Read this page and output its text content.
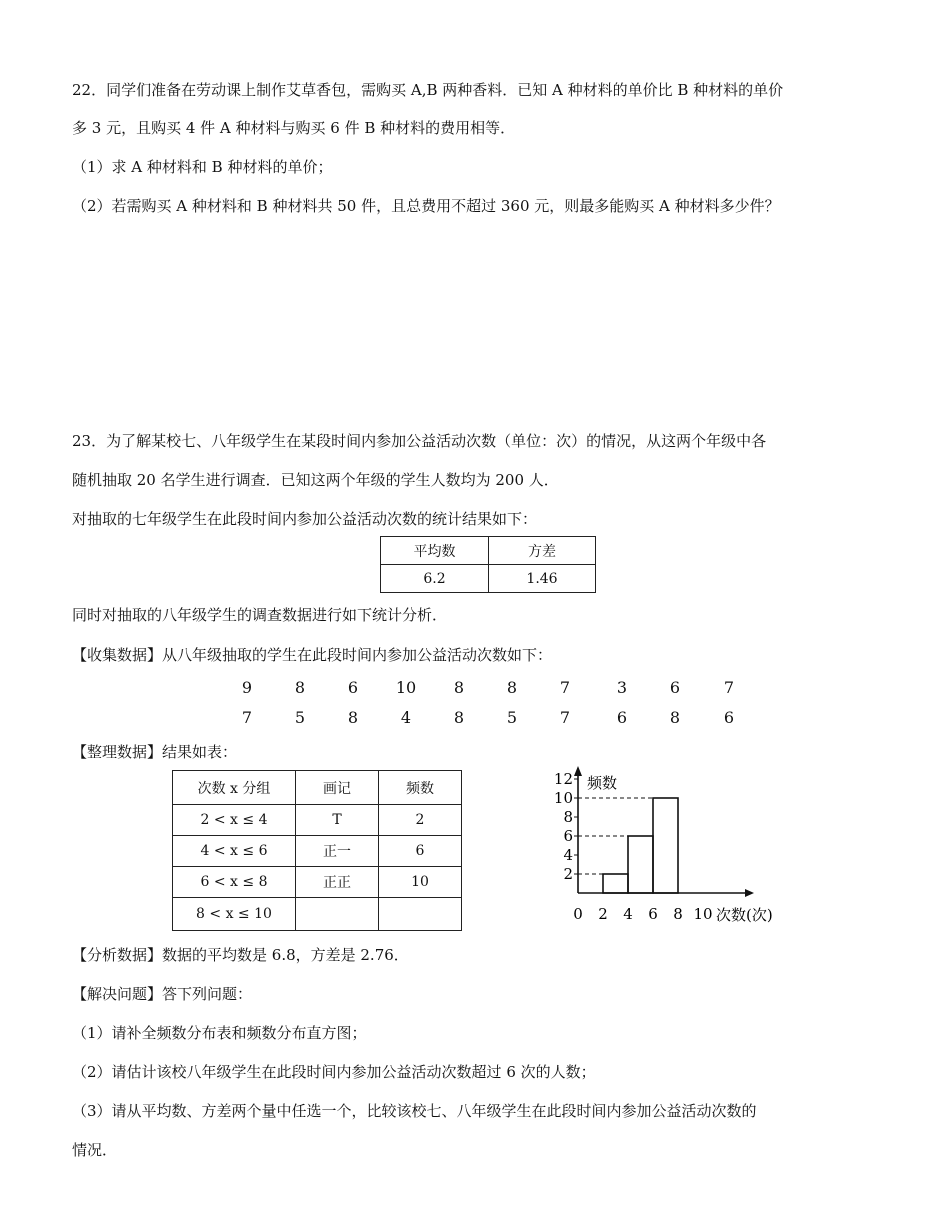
22．同学们准备在劳动课上制作艾草香包，需购买 A,B 两种香料．已知 A 种材料的单价比 B 种材料的单价
多 3 元，且购买 4 件 A 种材料与购买 6 件 B 种材料的费用相等．
（1）求 A 种材料和 B 种材料的单价；
（2）若需购买 A 种材料和 B 种材料共 50 件，且总费用不超过 360 元，则最多能购买 A 种材料多少件？
23．为了解某校七、八年级学生在某段时间内参加公益活动次数（单位：次）的情况，从这两个年级中各
随机抽取 20 名学生进行调查．已知这两个年级的学生人数均为 200 人．
对抽取的七年级学生在此段时间内参加公益活动次数的统计结果如下：
平均数	方差
6.2	1.46
同时对抽取的八年级学生的调查数据进行如下统计分析．
【收集数据】从八年级抽取的学生在此段时间内参加公益活动次数如下：
9	8	6	10	8	8	7	3	6	7
7	5	8	4	8	5	7	6	8	6
【整理数据】结果如表：
次数 x 分组	画记	频数
2 < x ≤ 4	T	2
4 < x ≤ 6	正一	6
6 < x ≤ 8	正正	10
8 < x ≤ 10		
2
4
6
8
10
12
0 2 4 6 8 10
频数
次数(次)
【分析数据】数据的平均数是 6.8，方差是 2.76．
【解决问题】答下列问题：
（1）请补全频数分布表和频数分布直方图；
（2）请估计该校八年级学生在此段时间内参加公益活动次数超过 6 次的人数；
（3）请从平均数、方差两个量中任选一个，比较该校七、八年级学生在此段时间内参加公益活动次数的
情况．
